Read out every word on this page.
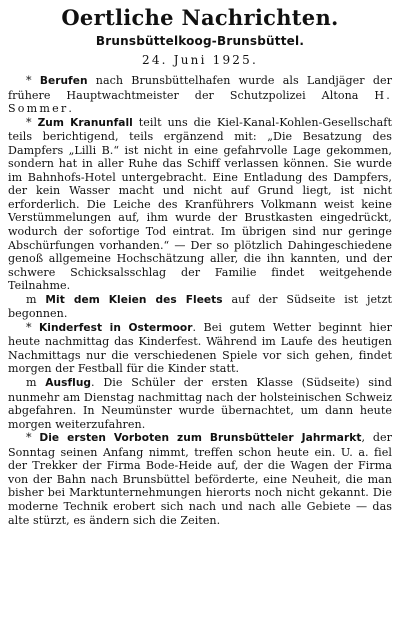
Oertliche Nachrichten.
Brunsbüttelkoog-Brunsbüttel.
24. Juni 1925.

* Berufen nach Brunsbüttelhafen wurde als Landjäger der frühere Hauptwachtmeister der Schutzpolizei Altona H. Sommer.

* Zum Kranunfall teilt uns die Kiel-Kanal-Kohlen-Gesellschaft teils berichtigend, teils ergänzend mit: „Die Besatzung des Dampfers „Lilli B.“ ist nicht in eine gefahrvolle Lage gekommen, sondern hat in aller Ruhe das Schiff verlassen können. Sie wurde im Bahnhofs-Hotel untergebracht. Eine Entladung des Dampfers, der kein Wasser macht und nicht auf Grund liegt, ist nicht erforderlich. Die Leiche des Kranführers Volkmann weist keine Verstümmelungen auf, ihm wurde der Brustkasten eingedrückt, wodurch der sofortige Tod eintrat. Im übrigen sind nur geringe Abschürfungen vorhanden.“ — Der so plötzlich Dahingeschiedene genoß allgemeine Hochschätzung aller, die ihn kannten, und der schwere Schicksalsschlag der Familie findet weitgehende Teilnahme.

m Mit dem Kleien des Fleets auf der Südseite ist jetzt begonnen.

* Kinderfest in Ostermoor. Bei gutem Wetter beginnt hier heute nachmittag das Kinderfest. Während im Laufe des heutigen Nachmittags nur die verschiedenen Spiele vor sich gehen, findet morgen der Festball für die Kinder statt.

m Ausflug. Die Schüler der ersten Klasse (Südseite) sind nunmehr am Dienstag nachmittag nach der holsteinischen Schweiz abgefahren. In Neumünster wurde übernachtet, um dann heute morgen weiterzufahren.

* Die ersten Vorboten zum Brunsbütteler Jahrmarkt, der Sonntag seinen Anfang nimmt, treffen schon heute ein. U. a. fiel der Trekker der Firma Bode-Heide auf, der die Wagen der Firma von der Bahn nach Brunsbüttel beförderte, eine Neuheit, die man bisher bei Marktunternehmungen hierorts noch nicht gekannt. Die moderne Technik erobert sich nach und nach alle Gebiete — das alte stürzt, es ändern sich die Zeiten.
